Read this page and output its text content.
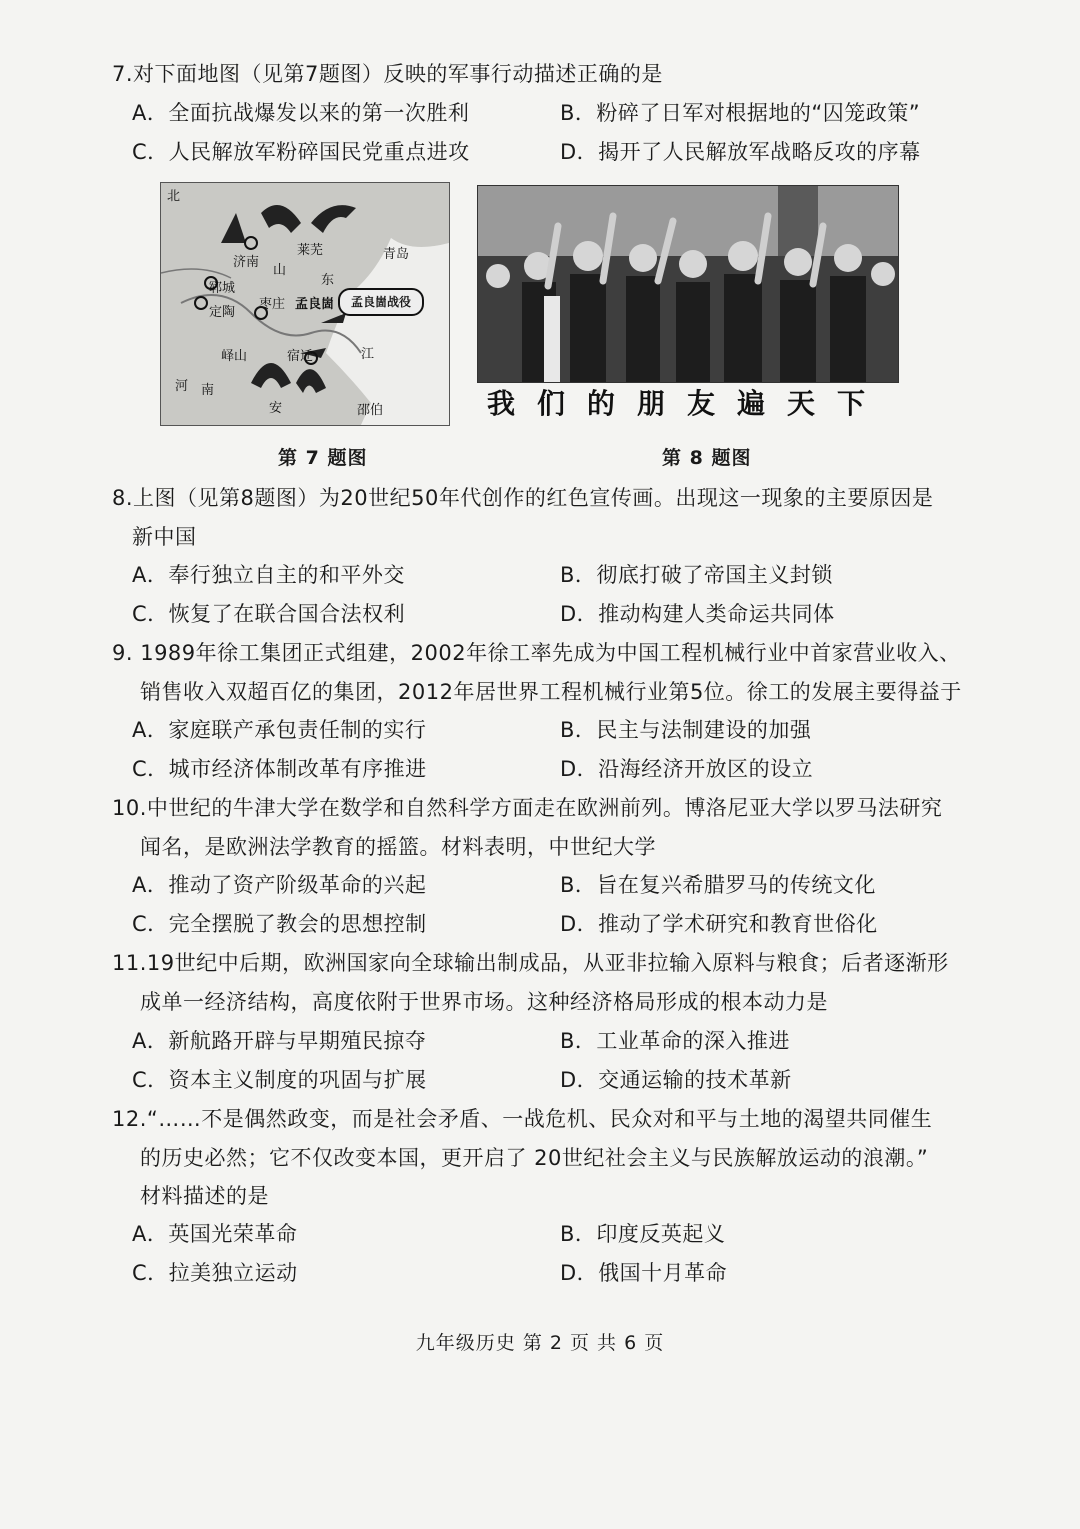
7.对下面地图（见第7题图）反映的军事行动描述正确的是
A．全面抗战爆发以来的第一次胜利	B．粉碎了日军对根据地的“囚笼政策”
C．人民解放军粉碎国民党重点进攻	D．揭开了人民解放军战略反攻的序幕
北
济南
莱芜	青岛
山
东
郓城
枣庄
定陶
孟良崮
峄山	宿迁	江
河 南
安	邵伯
孟良崮战役
我们的朋友遍天下
第 7 题图	第 8 题图
8.上图（见第8题图）为20世纪50年代创作的红色宣传画。出现这一现象的主要原因是
新中国
A．奉行独立自主的和平外交	B．彻底打破了帝国主义封锁
C．恢复了在联合国合法权利	D．推动构建人类命运共同体
9. 1989年徐工集团正式组建，2002年徐工率先成为中国工程机械行业中首家营业收入、
销售收入双超百亿的集团，2012年居世界工程机械行业第5位。徐工的发展主要得益于
A．家庭联产承包责任制的实行	B．民主与法制建设的加强
C．城市经济体制改革有序推进	D．沿海经济开放区的设立
10.中世纪的牛津大学在数学和自然科学方面走在欧洲前列。博洛尼亚大学以罗马法研究
闻名，是欧洲法学教育的摇篮。材料表明，中世纪大学
A．推动了资产阶级革命的兴起	B．旨在复兴希腊罗马的传统文化
C．完全摆脱了教会的思想控制	D．推动了学术研究和教育世俗化
11.19世纪中后期，欧洲国家向全球输出制成品，从亚非拉输入原料与粮食；后者逐渐形
成单一经济结构，高度依附于世界市场。这种经济格局形成的根本动力是
A．新航路开辟与早期殖民掠夺	B．工业革命的深入推进
C．资本主义制度的巩固与扩展	D．交通运输的技术革新
12.“……不是偶然政变，而是社会矛盾、一战危机、民众对和平与土地的渴望共同催生
的历史必然；它不仅改变本国，更开启了 20世纪社会主义与民族解放运动的浪潮。”
材料描述的是
A．英国光荣革命	B．印度反英起义
C．拉美独立运动	D．俄国十月革命
九年级历史 第 2 页 共 6 页
